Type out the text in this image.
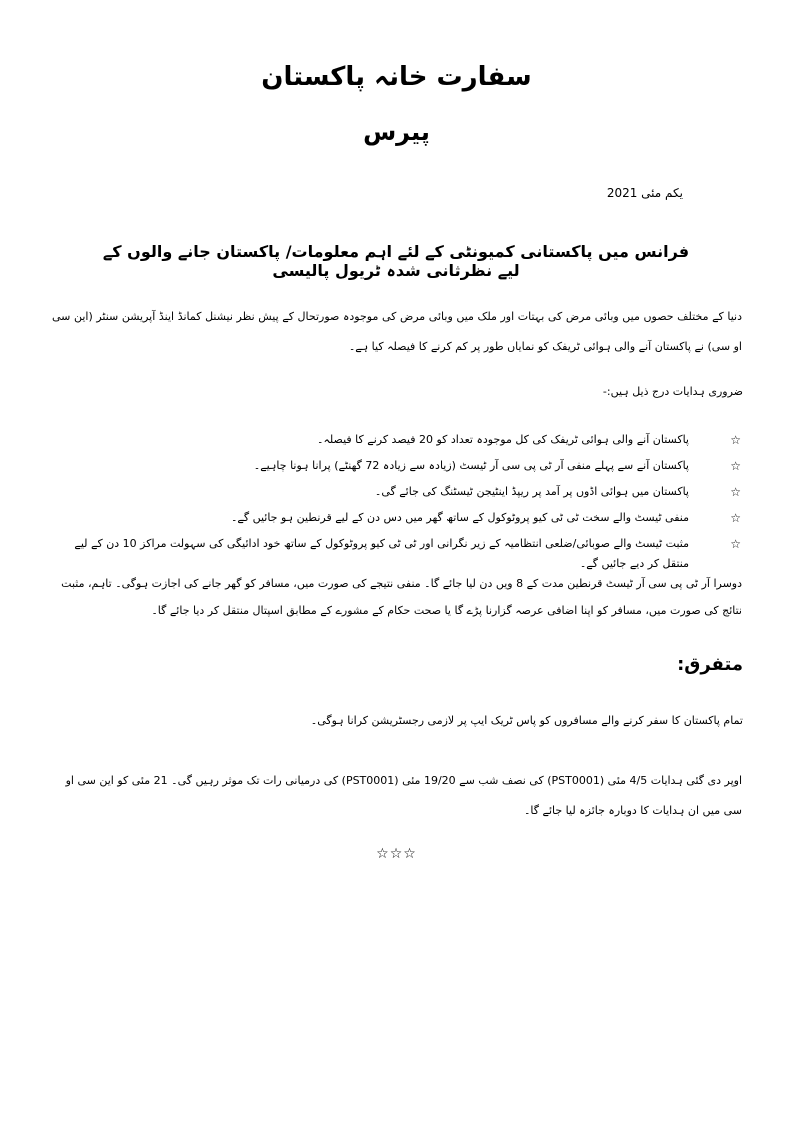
سفارت خانہ پاکستان
پیرس
یکم مئی 2021
فرانس میں پاکستانی کمیونٹی کے لئے اہم معلومات/ پاکستان جانے والوں کے لیے نظرثانی شدہ ٹریول پالیسی
دنیا کے مختلف حصوں میں وبائی مرض کی بہتات اور ملک میں وبائی مرض کی موجودہ صورتحال کے پیش نظر نیشنل کمانڈ اینڈ آپریشن سنٹر (این سی او سی) نے پاکستان آنے والی ہوائی ٹریفک کو نمایاں طور پر کم کرنے کا فیصلہ کیا ہے۔
ضروری ہدایات درج ذیل ہیں:-
☆
پاکستان آنے والی ہوائی ٹریفک کی کل موجودہ تعداد کو 20 فیصد کرنے کا فیصلہ۔
☆
پاکستان آنے سے پہلے منفی آر ٹی پی سی آر ٹیسٹ (زیادہ سے زیادہ 72 گھنٹے) پرانا ہونا چاہیے۔
☆
پاکستان میں ہوائی اڈوں پر آمد پر ریپڈ اینٹیجن ٹیسٹنگ کی جائے گی۔
☆
منفی ٹیسٹ والے سخت ٹی ٹی کیو پروٹوکول کے ساتھ گھر میں دس دن کے لیے قرنطین ہو جائیں گے۔
☆
مثبت ٹیسٹ والے صوبائی/ضلعی انتظامیہ کے زیر نگرانی اور ٹی ٹی کیو پروٹوکول کے ساتھ خود ادائیگی کی سہولت مراکز 10 دن کے لیے منتقل کر دیے جائیں گے۔
دوسرا آر ٹی پی سی آر ٹیسٹ قرنطین مدت کے 8 ویں دن لیا جائے گا۔ منفی نتیجے کی صورت میں، مسافر کو گھر جانے کی اجازت ہوگی۔ تاہم، مثبت نتائج کی صورت میں، مسافر کو اپنا اضافی عرصہ گزارنا پڑے گا یا صحت حکام کے مشورے کے مطابق اسپتال منتقل کر دیا جائے گا۔
متفرق:
تمام پاکستان کا سفر کرنے والے مسافروں کو پاس ٹریک ایپ پر لازمی رجسٹریشن کرانا ہوگی۔
اوپر دی گئی ہدایات 4/5 مئی (PST0001) کی نصف شب سے 19/20 مئی (PST0001) کی درمیانی رات تک موثر رہیں گی۔ 21 مئی کو این سی او سی میں ان ہدایات کا دوبارہ جائزہ لیا جائے گا۔
☆☆☆
